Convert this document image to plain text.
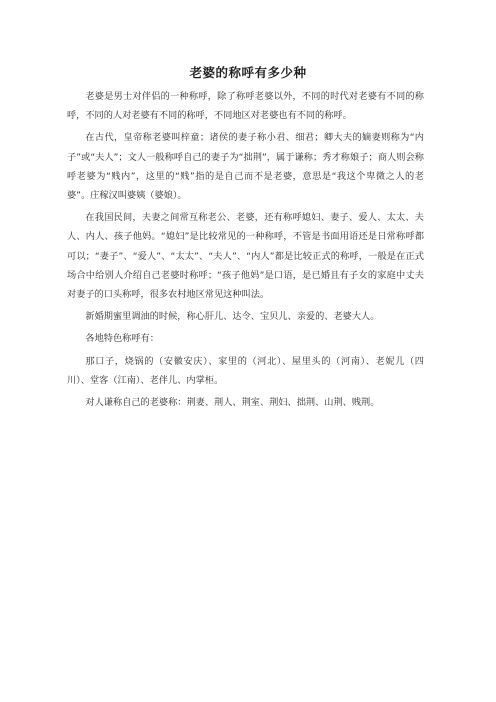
老婆的称呼有多少种

老婆是男士对伴侣的一种称呼，除了称呼老婆以外，不同的时代对老婆有不同的称呼，不同的人对老婆有不同的称呼，不同地区对老婆也有不同的称呼。

在古代，皇帝称老婆叫梓童；诸侯的妻子称小君、细君；卿大夫的嫡妻则称为“内子”或“夫人”；文人一般称呼自己的妻子为“拙荆”，属于谦称；秀才称娘子；商人则会称呼老婆为“贱内”，这里的“贱”指的是自己而不是老婆，意思是“我这个卑微之人的老婆”。庄稼汉叫婆姨（婆娘）。

在我国民间，夫妻之间常互称老公、老婆，还有称呼媳妇、妻子、爱人、太太、夫人、内人、孩子他妈。“媳妇”是比较常见的一种称呼，不管是书面用语还是日常称呼都可以；“妻子”、“爱人”、“太太”、“夫人”、“内人”都是比较正式的称呼，一般是在正式场合中给别人介绍自己老婆时称呼；“孩子他妈”是口语，是已婚且有子女的家庭中丈夫对妻子的口头称呼，很多农村地区常见这种叫法。

新婚期蜜里调油的时候，称心肝儿、达令、宝贝儿、亲爱的、老婆大人。

各地特色称呼有：

那口子，烧锅的（安徽安庆）、家里的（河北）、屋里头的（河南）、老妮儿（四川）、堂客（江南）、老伴儿、内掌柜。

对人谦称自己的老婆称：荆妻、荆人、荆室、荆妇、拙荆、山荆、贱荆。
